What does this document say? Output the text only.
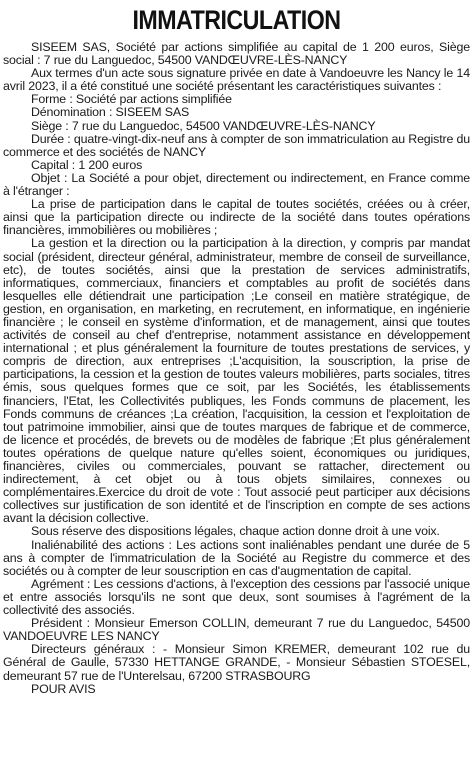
IMMATRICULATION

SISEEM SAS, Société par actions simplifiée au capital de 1 200 euros, Siège social : 7 rue du Languedoc, 54500 VANDŒUVRE-LÈS-NANCY

Aux termes d'un acte sous signature privée en date à Vandoeuvre les Nancy le 14 avril 2023, il a été constitué une société présentant les caractéristiques suivantes :

Forme : Société par actions simplifiée

Dénomination : SISEEM SAS

Siège : 7 rue du Languedoc, 54500 VANDŒUVRE-LÈS-NANCY

Durée : quatre-vingt-dix-neuf ans à compter de son immatriculation au Registre du commerce et des sociétés de NANCY

Capital : 1 200 euros

Objet : La Société a pour objet, directement ou indirectement, en France comme à l'étranger :

La prise de participation dans le capital de toutes sociétés, créées ou à créer, ainsi que la participation directe ou indirecte de la société dans toutes opérations financières, immobilières ou mobilières ;

La gestion et la direction ou la participation à la direction, y compris par mandat social (président, directeur général, administrateur, membre de conseil de surveillance, etc), de toutes sociétés, ainsi que la prestation de services administratifs, informatiques, commerciaux, financiers et comptables au profit de sociétés dans lesquelles elle détiendrait une participation ;Le conseil en matière stratégique, de gestion, en organisation, en marketing, en recrutement, en informatique, en ingénierie financière ; le conseil en système d'information, et de management, ainsi que toutes activités de conseil au chef d'entreprise, notamment assistance en développement international ; et plus généralement la fourniture de toutes prestations de services, y compris de direction, aux entreprises ;L'acquisition, la souscription, la prise de participations, la cession et la gestion de toutes valeurs mobilières, parts sociales, titres émis, sous quelques formes que ce soit, par les Sociétés, les établissements financiers, l'Etat, les Collectivités publiques, les Fonds communs de placement, les Fonds communs de créances ;La création, l'acquisition, la cession et l'exploitation de tout patrimoine immobilier, ainsi que de toutes marques de fabrique et de commerce, de licence et procédés, de brevets ou de modèles de fabrique ;Et plus généralement toutes opérations de quelque nature qu'elles soient, économiques ou juridiques, financières, civiles ou commerciales, pouvant se rattacher, directement ou indirectement, à cet objet ou à tous objets similaires, connexes ou complémentaires.Exercice du droit de vote : Tout associé peut participer aux décisions collectives sur justification de son identité et de l'inscription en compte de ses actions avant la décision collective.

Sous réserve des dispositions légales, chaque action donne droit à une voix.

Inaliénabilité des actions : Les actions sont inaliénables pendant une durée de 5 ans à compter de l'immatriculation de la Société au Registre du commerce et des sociétés ou à compter de leur souscription en cas d'augmentation de capital.

Agrément : Les cessions d'actions, à l'exception des cessions par l'associé unique et entre associés lorsqu'ils ne sont que deux, sont soumises à l'agrément de la collectivité des associés.

Président : Monsieur Emerson COLLIN, demeurant 7 rue du Languedoc, 54500 VANDOEUVRE LES NANCY

Directeurs généraux : - Monsieur Simon KREMER, demeurant 102 rue du Général de Gaulle, 57330 HETTANGE GRANDE, - Monsieur Sébastien STOESEL, demeurant 57 rue de l'Unterelsau, 67200 STRASBOURG

POUR AVIS
